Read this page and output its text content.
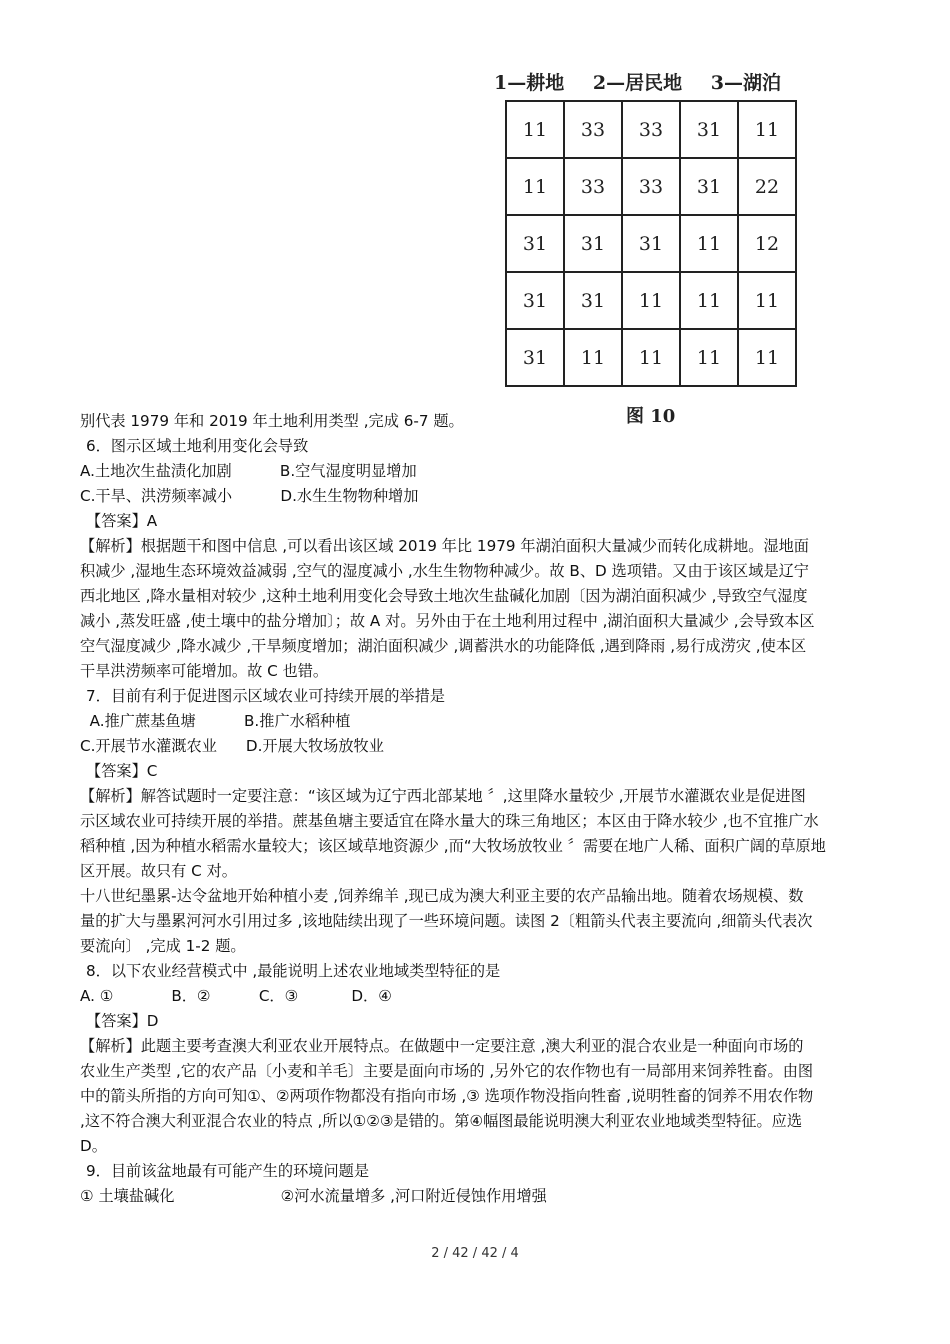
1—耕地 2—居民地 3—湖泊
11	33	33	31	11
11	33	33	31	22
31	31	31	11	12
31	31	11	11	11
31	11	11	11	11
图 10

别代表 1979 年和 2019 年土地利用类型 ,完成 6-7 题。

6．图示区域土地利用变化会导致

A.土地次生盐渍化加剧          B.空气湿度明显增加

C.干旱、洪涝频率减小          D.水生生物物种增加

【答案】A

【解析】根据题干和图中信息 ,可以看出该区域 2019 年比 1979 年湖泊面积大量减少而转化成耕地。湿地面

积减少 ,湿地生态环境效益减弱 ,空气的湿度减小 ,水生生物物种减少。故 B、D 选项错。又由于该区域是辽宁

西北地区 ,降水量相对较少 ,这种土地利用变化会导致土地次生盐碱化加剧〔因为湖泊面积减少 ,导致空气湿度

减小 ,蒸发旺盛 ,使土壤中的盐分增加〕；故 A 对。另外由于在土地利用过程中 ,湖泊面积大量减少 ,会导致本区

空气湿度减少 ,降水减少 ,干旱频度增加；湖泊面积减少 ,调蓄洪水的功能降低 ,遇到降雨 ,易行成涝灾 ,使本区

干旱洪涝频率可能增加。故 C 也错。

7．目前有利于促进图示区域农业可持续开展的举措是

A.推广蔗基鱼塘          B.推广水稻种植

C.开展节水灌溉农业      D.开展大牧场放牧业

【答案】C

【解析】解答试题时一定要注意：“该区域为辽宁西北部某地 〞,这里降水量较少 ,开展节水灌溉农业是促进图

示区域农业可持续开展的举措。蔗基鱼塘主要适宜在降水量大的珠三角地区；本区由于降水较少 ,也不宜推广水

稻种植 ,因为种植水稻需水量较大；该区域草地资源少 ,而“大牧场放牧业 〞需要在地广人稀、面积广阔的草原地

区开展。故只有 C 对。

十八世纪墨累-达令盆地开始种植小麦 ,饲养绵羊 ,现已成为澳大利亚主要的农产品输出地。随着农场规模、数

量的扩大与墨累河河水引用过多 ,该地陆续出现了一些环境问题。读图 2〔粗箭头代表主要流向 ,细箭头代表次

要流向〕 ,完成 1-2 题。

8．以下农业经营模式中 ,最能说明上述农业地域类型特征的是

A. ①            B．②          C．③           D．④

【答案】D

【解析】此题主要考查澳大利亚农业开展特点。在做题中一定要注意 ,澳大利亚的混合农业是一种面向市场的

农业生产类型 ,它的农产品〔小麦和羊毛〕主要是面向市场的 ,另外它的农作物也有一局部用来饲养牲畜。由图

中的箭头所指的方向可知①、②两项作物都没有指向市场 ,③ 选项作物没指向牲畜 ,说明牲畜的饲养不用农作物

,这不符合澳大利亚混合农业的特点 ,所以①②③是错的。第④幅图最能说明澳大利亚农业地域类型特征。应选

D。

9．目前该盆地最有可能产生的环境问题是

① 土壤盐碱化                      ②河水流量增多 ,河口附近侵蚀作用增强

2 / 42 / 42 / 4
